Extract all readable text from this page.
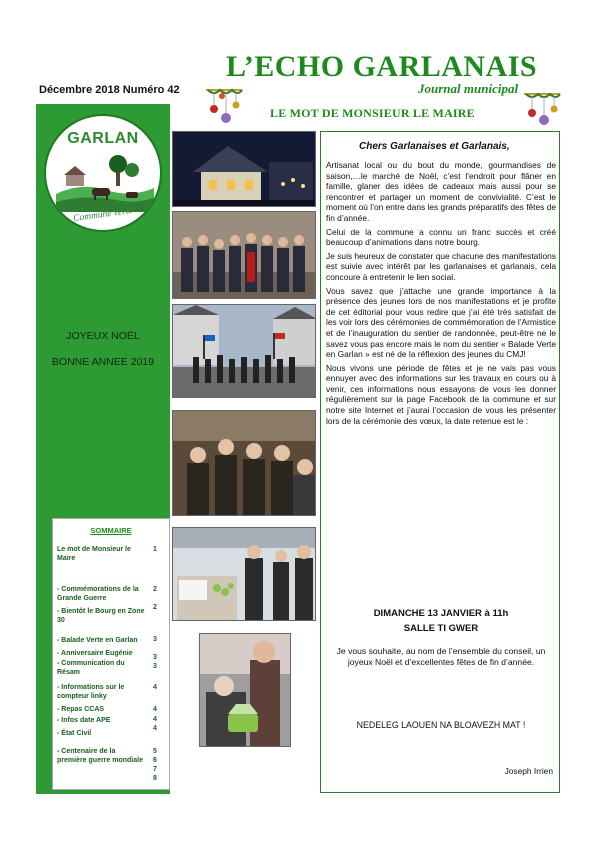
L’ECHO GARLANAIS
Journal municipal
Décembre 2018 Numéro 42
LE MOT DE MONSIEUR LE MAIRE
GARLAN
Commune verte
JOYEUX NOËL
BONNE ANNEE 2019
SOMMAIRE
Le mot de Monsieur le Maire
1
- Commémorations de la Grande Guerre
2
- Bientôt le Bourg en Zone 30
2
- Balade Verte en Garlan	3
- Anniversaire Eugénie
3
- Communication du Résam
3
- Informations sur le compteur linky
4
- Repas CCAS	4
- Infos date APE	4
- État Civil
4
- Centenaire de la première guerre mondiale
5
6
7
8
Chers Garlanaises et Garlanais,

Artisanat local ou du bout du monde, gourmandises de saison,…le marché de Noël, c’est l’endroit pour flâner en famille, glaner des idées de cadeaux mais aussi pour se rencontrer et partager un moment de convivialité. C’est le moment où l’on entre dans les grands préparatifs des fêtes de fin d’année.

Celui de la commune a connu un franc succès et créé beaucoup d’animations dans notre bourg.

Je suis heureux de constater que chacune des manifestations est suivie avec intérêt par les garlanaises et garlanais, cela concoure à entretenir le lien social.

Vous savez que j’attache une grande importance à la présence des jeunes lors de nos manifestations et je profite de cet éditorial pour vous redire que j’ai été très satisfait de les voir lors des cérémonies de commémoration de l’Armistice et de l’inauguration du sentier de randonnée, peut-être ne le savez vous pas encore mais le nom du sentier « Balade Verte en Garlan » est né de la réflexion des jeunes du CMJ!

Nous vivons une période de fêtes et je ne vais pas vous ennuyer avec des informations sur les travaux en cours ou à venir, ces informations nous essayons de vous les donner régulièrement sur la page Facebook de la commune et sur notre site Internet et j’aurai l’occasion de vous les présenter lors de la cérémonie des vœux, la date retenue est le :

DIMANCHE 13 JANVIER à 11h
SALLE TI GWER
Je vous souhaite, au nom de l’ensemble du conseil, un joyeux Noël et d’excellentes fêtes de fin d’année.
NEDELEG LAOUEN NA BLOAVEZH MAT !
Joseph Irrien
